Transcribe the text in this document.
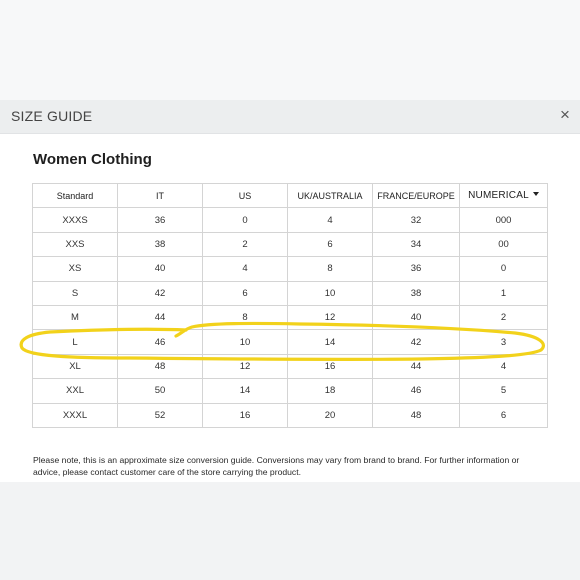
SIZE GUIDE	×
Women Clothing
Standard	IT	US	UK/AUSTRALIA	FRANCE/EUROPE	NUMERICAL
XXXS	36	0	4	32	000
XXS	38	2	6	34	00
XS	40	4	8	36	0
S	42	6	10	38	1
M	44	8	12	40	2
L	46	10	14	42	3
XL	48	12	16	44	4
XXL	50	14	18	46	5
XXXL	52	16	20	48	6
Please note, this is an approximate size conversion guide. Conversions may vary from brand to brand. For further information or advice, please contact customer care of the store carrying the product.
